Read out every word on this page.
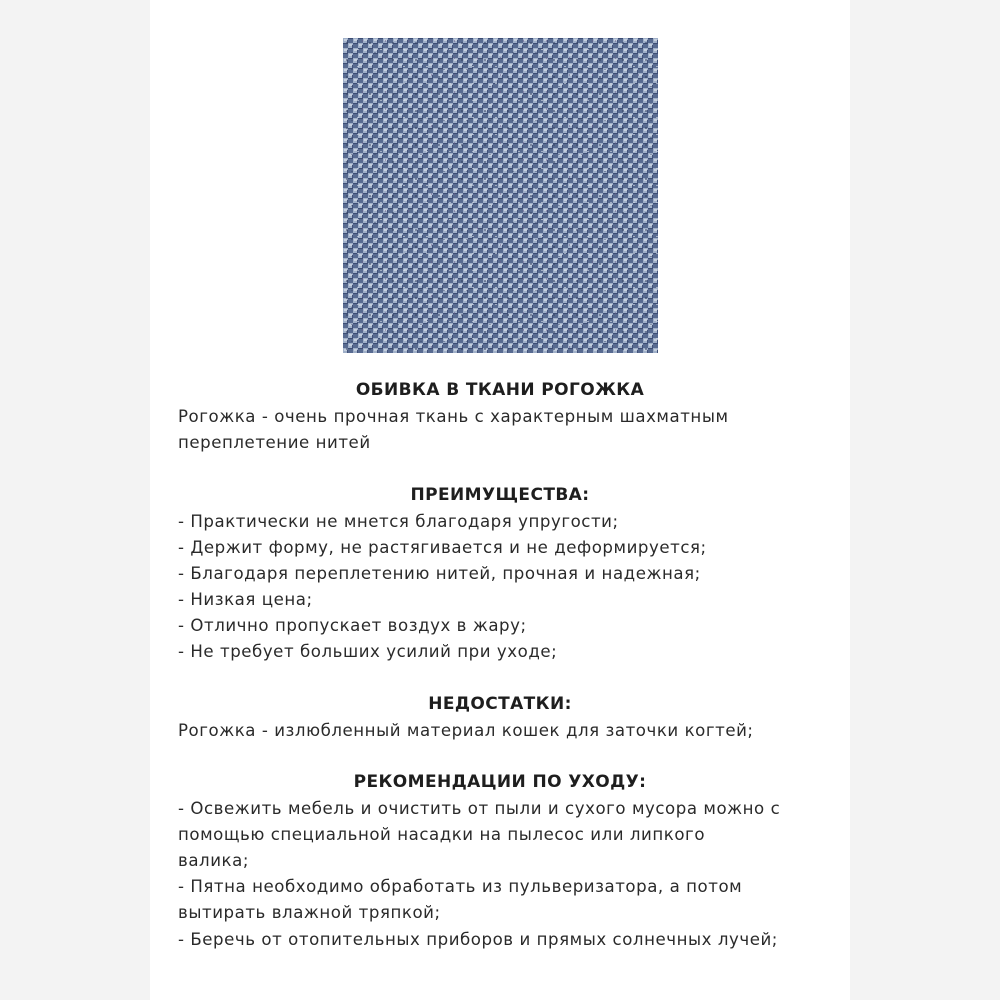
ОБИВКА В ТКАНИ РОГОЖКА

Рогожка - очень прочная ткань с характерным шахматным

переплетение нитей

ПРЕИМУЩЕСТВА:

- Практически не мнется благодаря упругости;

- Держит форму, не растягивается и не деформируется;

- Благодаря переплетению нитей, прочная и надежная;

- Низкая цена;

- Отлично пропускает воздух в жару;

- Не требует больших усилий при уходе;

НЕДОСТАТКИ:

Рогожка - излюбленный материал кошек для заточки когтей;

РЕКОМЕНДАЦИИ ПО УХОДУ:

- Освежить мебель и очистить от пыли и сухого мусора можно с

помощью специальной насадки на пылесос или липкого

валика;

- Пятна необходимо обработать из пульверизатора, а потом

вытирать влажной тряпкой;

- Беречь от отопительных приборов и прямых солнечных лучей;
